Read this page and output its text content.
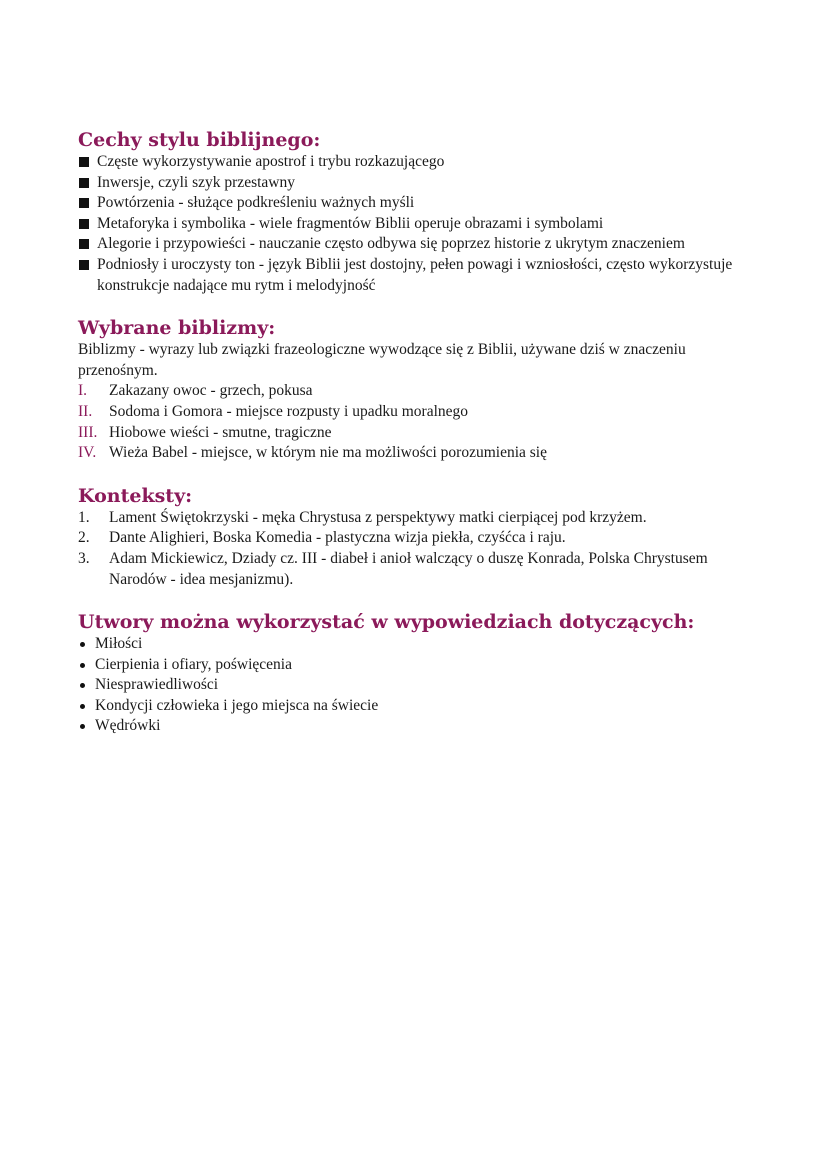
Cechy stylu biblijnego:
Częste wykorzystywanie apostrof i trybu rozkazującego
Inwersje, czyli szyk przestawny
Powtórzenia - służące podkreśleniu ważnych myśli
Metaforyka i symbolika - wiele fragmentów Biblii operuje obrazami i symbolami
Alegorie i przypowieści - nauczanie często odbywa się poprzez historie z ukrytym znaczeniem
Podniosły i uroczysty ton - język Biblii jest dostojny, pełen powagi i wzniosłości, często wykorzystuje konstrukcje nadające mu rytm i melodyjność
Wybrane biblizmy:
Biblizmy - wyrazy lub związki frazeologiczne wywodzące się z Biblii, używane dziś w znaczeniu przenośnym.
I.	Zakazany owoc - grzech, pokusa
II.	Sodoma i Gomora - miejsce rozpusty i upadku moralnego
III. Hiobowe wieści - smutne, tragiczne
IV. Wieża Babel - miejsce, w którym nie ma możliwości porozumienia się
Konteksty:
1.	Lament Świętokrzyski - męka Chrystusa z perspektywy matki cierpiącej pod krzyżem.
2.	Dante Alighieri, Boska Komedia - plastyczna wizja piekła, czyśćca i raju.
3.	Adam Mickiewicz, Dziady cz. III - diabeł i anioł walczący o duszę Konrada, Polska Chrystusem Narodów - idea mesjanizmu).
Utwory można wykorzystać w wypowiedziach dotyczących:
Miłości
Cierpienia i ofiary, poświęcenia
Niesprawiedliwości
Kondycji człowieka i jego miejsca na świecie
Wędrówki
